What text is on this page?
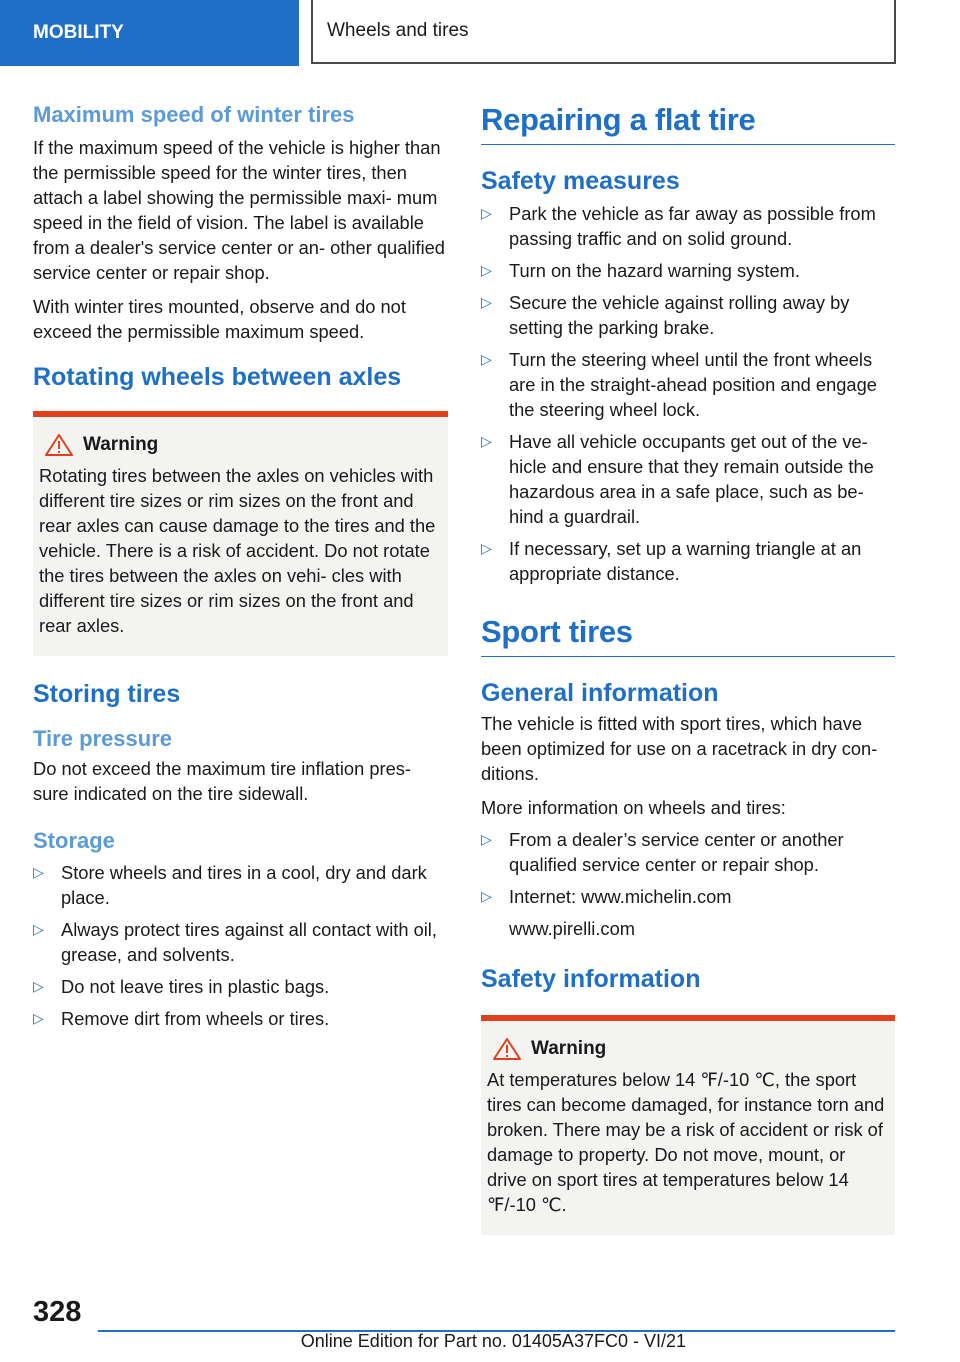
MOBILITY	Wheels and tires
Maximum speed of winter tires

If the maximum speed of the vehicle is higher than the permissible speed for the winter tires, then attach a label showing the permissible maxi‐ mum speed in the field of vision. The label is available from a dealer's service center or an‐ other qualified service center or repair shop.

With winter tires mounted, observe and do not exceed the permissible maximum speed.

Rotating wheels between axles
Warning

Rotating tires between the axles on vehicles with different tire sizes or rim sizes on the front and rear axles can cause damage to the tires and the vehicle. There is a risk of accident. Do not rotate the tires between the axles on vehi‐ cles with different tire sizes or rim sizes on the front and rear axles.

Storing tires
Tire pressure

Do not exceed the maximum tire inflation pres‐ sure indicated on the tire sidewall.

Storage
▷ Store wheels and tires in a cool, dry and dark place.
▷ Always protect tires against all contact with oil, grease, and solvents.
▷ Do not leave tires in plastic bags.
▷ Remove dirt from wheels or tires.
Repairing a flat tire
Safety measures
▷ Park the vehicle as far away as possible from passing traffic and on solid ground.
▷ Turn on the hazard warning system.
▷ Secure the vehicle against rolling away by setting the parking brake.
▷ Turn the steering wheel until the front wheels are in the straight-ahead position and engage the steering wheel lock.
▷ Have all vehicle occupants get out of the ve‐ hicle and ensure that they remain outside the hazardous area in a safe place, such as be‐ hind a guardrail.
▷ If necessary, set up a warning triangle at an appropriate distance.
Sport tires
General information

The vehicle is fitted with sport tires, which have been optimized for use on a racetrack in dry con‐ ditions.

More information on wheels and tires:

▷ From a dealer’s service center or another qualified service center or repair shop.
▷ Internet: www.michelin.com

www.pirelli.com

Safety information
Warning

At temperatures below 14 ℉/-10 ℃, the sport tires can become damaged, for instance torn and broken. There may be a risk of accident or risk of damage to property. Do not move, mount, or drive on sport tires at temperatures below 14 ℉/-10 ℃.

328
Online Edition for Part no. 01405A37FC0 - VI/21
